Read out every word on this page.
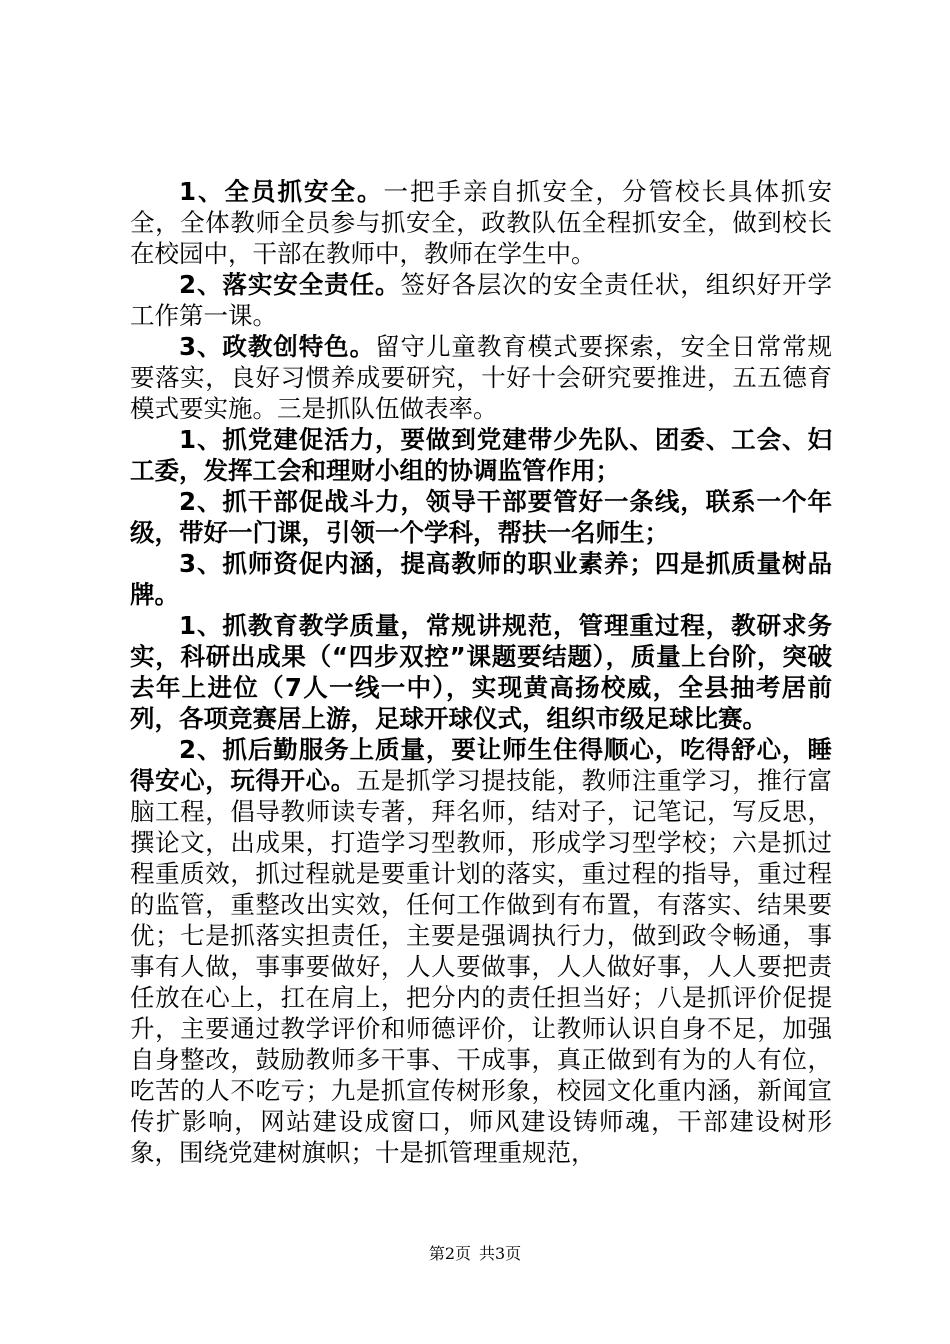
1、全员抓安全。一把手亲自抓安全，分管校长具体抓安全，全体教师全员参与抓安全，政教队伍全程抓安全，做到校长在校园中，干部在教师中，教师在学生中。

2、落实安全责任。签好各层次的安全责任状，组织好开学工作第一课。

3、政教创特色。留守儿童教育模式要探索，安全日常常规要落实，良好习惯养成要研究，十好十会研究要推进，五五德育模式要实施。三是抓队伍做表率。

1、抓党建促活力，要做到党建带少先队、团委、工会、妇工委，发挥工会和理财小组的协调监管作用；

2、抓干部促战斗力，领导干部要管好一条线，联系一个年级，带好一门课，引领一个学科，帮扶一名师生；

3、抓师资促内涵，提高教师的职业素养；四是抓质量树品牌。

1、抓教育教学质量，常规讲规范，管理重过程，教研求务实，科研出成果（“四步双控”课题要结题），质量上台阶，突破去年上进位（7人一线一中），实现黄高扬校威，全县抽考居前列，各项竞赛居上游，足球开球仪式，组织市级足球比赛。

2、抓后勤服务上质量，要让师生住得顺心，吃得舒心，睡得安心，玩得开心。五是抓学习提技能，教师注重学习，推行富脑工程，倡导教师读专著，拜名师，结对子，记笔记，写反思，撰论文，出成果，打造学习型教师，形成学习型学校；六是抓过程重质效，抓过程就是要重计划的落实，重过程的指导，重过程的监管，重整改出实效，任何工作做到有布置，有落实、结果要优；七是抓落实担责任，主要是强调执行力，做到政令畅通，事事有人做，事事要做好，人人要做事，人人做好事，人人要把责任放在心上，扛在肩上，把分内的责任担当好；八是抓评价促提升，主要通过教学评价和师德评价，让教师认识自身不足，加强自身整改，鼓励教师多干事、干成事，真正做到有为的人有位，吃苦的人不吃亏；九是抓宣传树形象，校园文化重内涵，新闻宣传扩影响，网站建设成窗口，师风建设铸师魂，干部建设树形象，围绕党建树旗帜；十是抓管理重规范，

第2页 共3页
